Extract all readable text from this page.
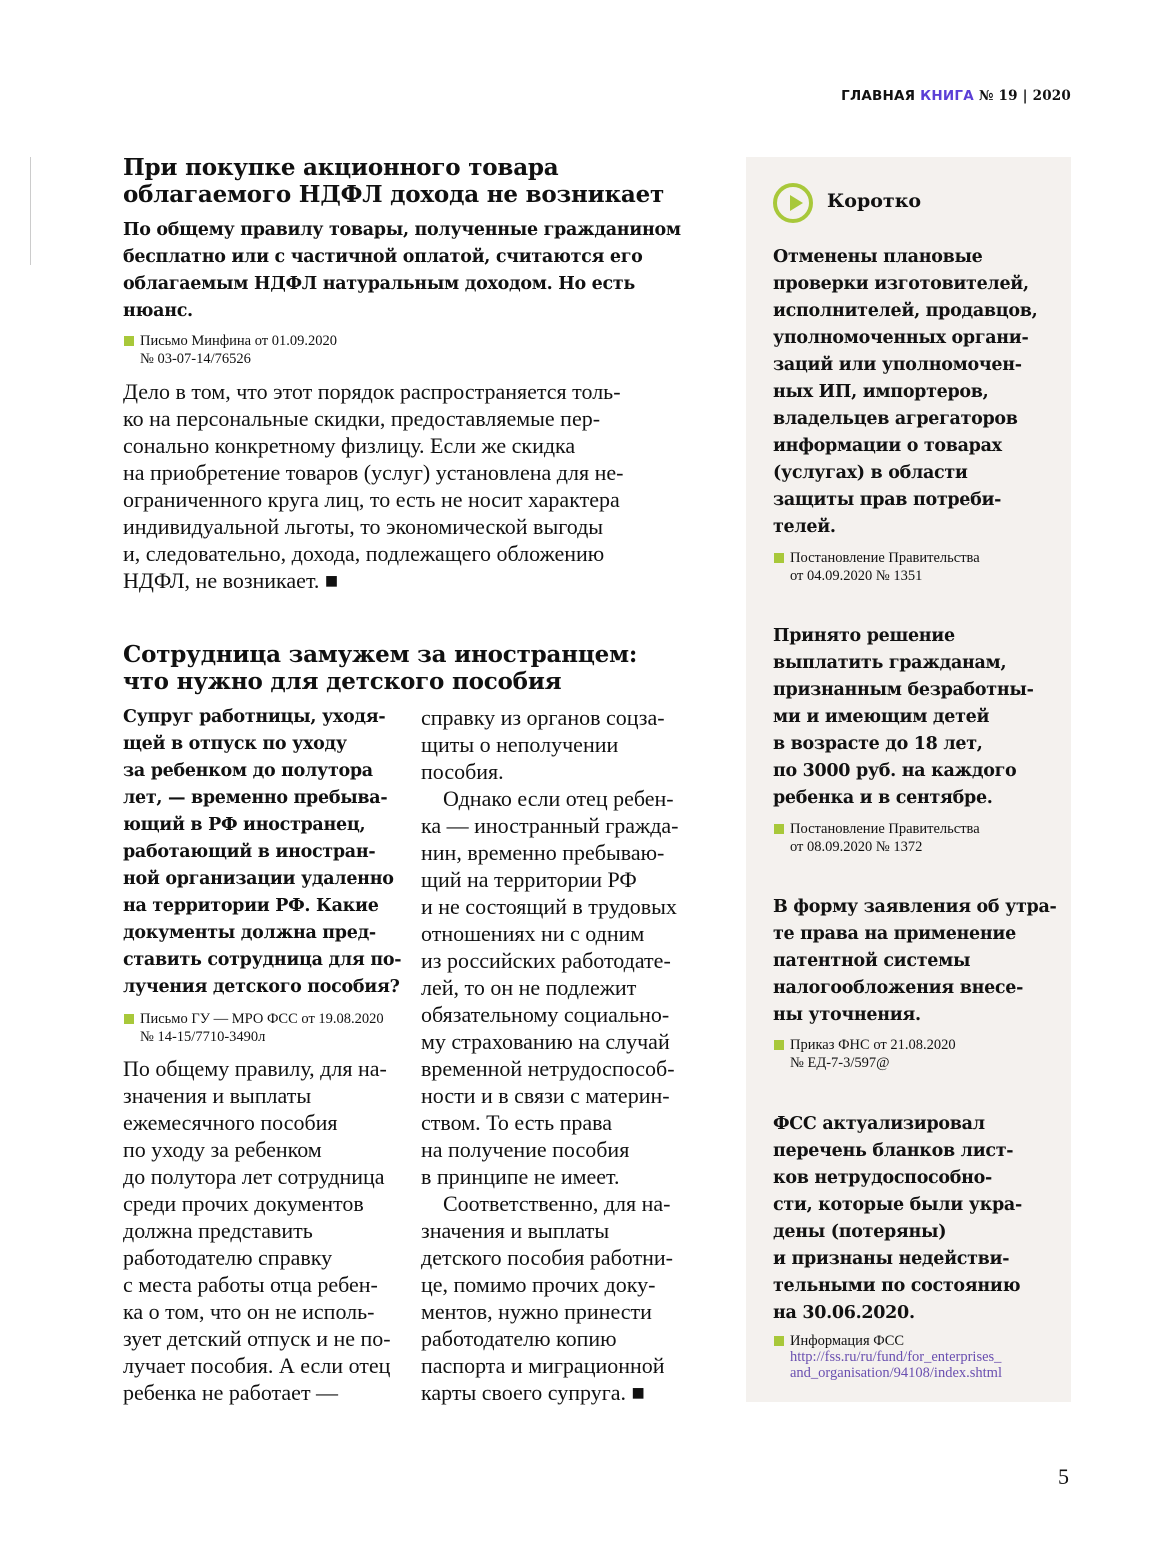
ГЛАВНАЯ КНИГА № 19 | 2020
При покупке акционного товара
облагаемого НДФЛ дохода не возникает
По общему правилу товары, полученные гражданином
бесплатно или с частичной оплатой, считаются его
облагаемым НДФЛ натуральным доходом. Но есть
нюанс.
Письмо Минфина от 01.09.2020
№ 03-07-14/76526
Дело в том, что этот порядок распространяется толь-
ко на персональные скидки, предоставляемые пер-
сонально конкретному физлицу. Если же скидка
на приобретение товаров (услуг) установлена для не-
ограниченного круга лиц, то есть не носит характера
индивидуальной льготы, то экономической выгоды
и, следовательно, дохода, подлежащего обложению
НДФЛ, не возникает. ■
Сотрудница замужем за иностранцем:
что нужно для детского пособия
Супруг работницы, уходя-
щей в отпуск по уходу
за ребенком до полутора
лет, — временно пребыва-
ющий в РФ иностранец,
работающий в иностран-
ной организации удаленно
на территории РФ. Какие
документы должна пред-
ставить сотрудница для по-
лучения детского пособия?
Письмо ГУ — МРО ФСС от 19.08.2020
№ 14-15/7710-3490л
По общему правилу, для на-
значения и выплаты
ежемесячного пособия
по уходу за ребенком
до полутора лет сотрудница
среди прочих документов
должна представить
работодателю справку
с места работы отца ребен-
ка о том, что он не исполь-
зует детский отпуск и не по-
лучает пособия. А если отец
ребенка не работает —
справку из органов соцза-
щиты о неполучении
пособия.
Однако если отец ребен-
ка — иностранный гражда-
нин, временно пребываю-
щий на территории РФ
и не состоящий в трудовых
отношениях ни с одним
из российских работодате-
лей, то он не подлежит
обязательному социально-
му страхованию на случай
временной нетрудоспособ-
ности и в связи с материн-
ством. То есть права
на получение пособия
в принципе не имеет.
Соответственно, для на-
значения и выплаты
детского пособия работни-
це, помимо прочих доку-
ментов, нужно принести
работодателю копию
паспорта и миграционной
карты своего супруга. ■
Коротко
Отменены плановые
проверки изготовителей,
исполнителей, продавцов,
уполномоченных органи-
заций или уполномочен-
ных ИП, импортеров,
владельцев агрегаторов
информации о товарах
(услугах) в области
защиты прав потреби-
телей.
Постановление Правительства
от 04.09.2020 № 1351
Принято решение
выплатить гражданам,
признанным безработны-
ми и имеющим детей
в возрасте до 18 лет,
по 3000 руб. на каждого
ребенка и в сентябре.
Постановление Правительства
от 08.09.2020 № 1372
В форму заявления об утра-
те права на применение
патентной системы
налогообложения внесе-
ны уточнения.
Приказ ФНС от 21.08.2020
№ ЕД-7-3/597@
ФСС актуализировал
перечень бланков лист-
ков нетрудоспособно-
сти, которые были укра-
дены (потеряны)
и признаны недействи-
тельными по состоянию
на 30.06.2020.
Информация ФСС
http://fss.ru/ru/fund/for_enterprises_
and_organisation/94108/index.shtml
5
